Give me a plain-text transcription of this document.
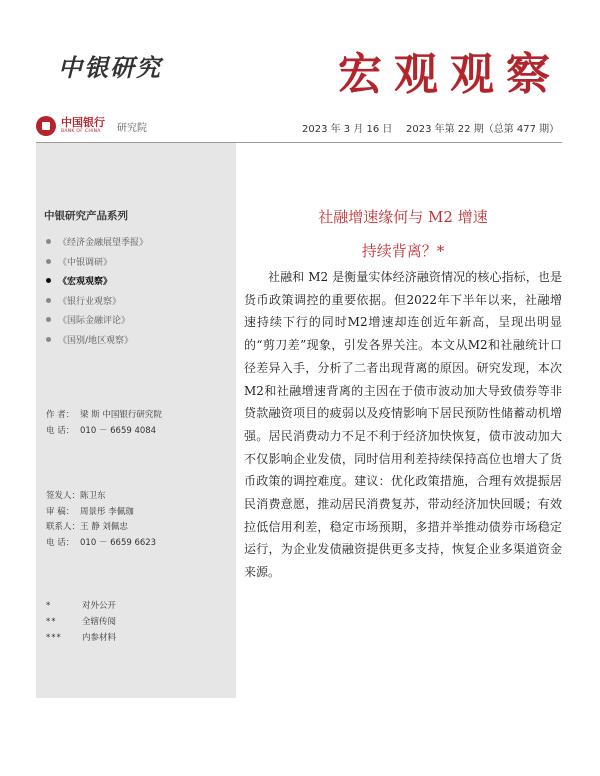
中银研究	宏观观察
中国银行
BANK OF CHINA	研究院	2023 年 3 月 16 日 2023 年第 22 期（总第 477 期）
中银研究产品系列
《经济金融展望季报》
《中银调研》
《宏观观察》
《银行业观察》
《国际金融评论》
《国别/地区观察》
作 者： 梁 斯 中国银行研究院
电 话： 010 － 6659 4084
签发人： 陈卫东
审 稿： 周景彤 李佩珈
联系人： 王 静 刘佩忠
电 话： 010 － 6659 6623
*	对外公开
**	全辖传阅
***	内参材料
社融增速缘何与 M2 增速
持续背离？*

社融和 M2 是衡量实体经济融资情况的核心指标，也是货币政策调控的重要依据。但2022年下半年以来，社融增速持续下行的同时M2增速却连创近年新高，呈现出明显的“剪刀差”现象，引发各界关注。本文从M2和社融统计口径差异入手，分析了二者出现背离的原因。研究发现，本次M2和社融增速背离的主因在于债市波动加大导致债券等非贷款融资项目的疲弱以及疫情影响下居民预防性储蓄动机增强。居民消费动力不足不利于经济加快恢复，债市波动加大不仅影响企业发债，同时信用利差持续保持高位也增大了货币政策的调控难度。建议：优化政策措施，合理有效提振居民消费意愿，推动居民消费复苏，带动经济加快回暖；有效拉低信用利差，稳定市场预期，多措并举推动债券市场稳定运行，为企业发债融资提供更多支持，恢复企业多渠道资金来源。
